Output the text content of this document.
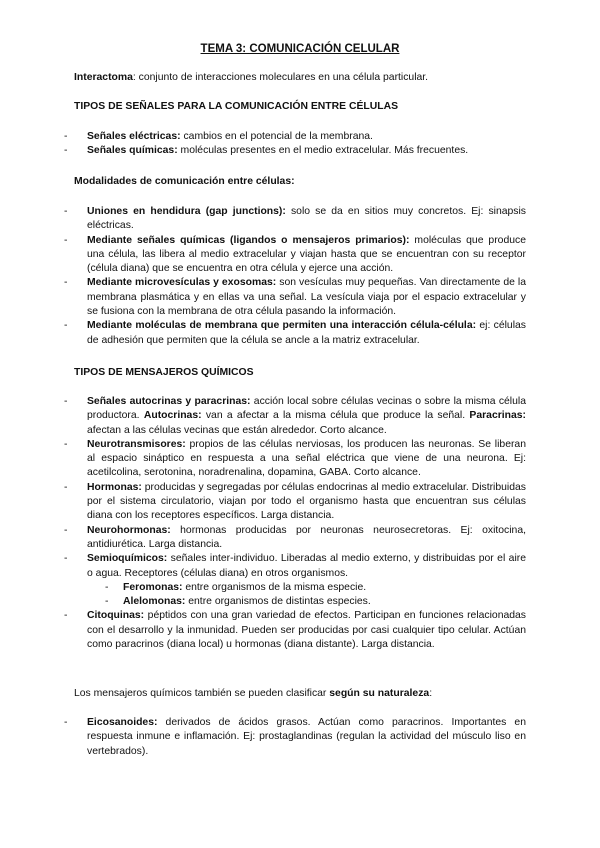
TEMA 3: COMUNICACIÓN CELULAR

Interactoma: conjunto de interacciones moleculares en una célula particular.

TIPOS DE SEÑALES PARA LA COMUNICACIÓN ENTRE CÉLULAS

- Señales eléctricas: cambios en el potencial de la membrana.
- Señales químicas: moléculas presentes en el medio extracelular. Más frecuentes.

Modalidades de comunicación entre células:

- Uniones en hendidura (gap junctions): solo se da en sitios muy concretos. Ej: sinapsis eléctricas.
- Mediante señales químicas (ligandos o mensajeros primarios): moléculas que produce una célula, las libera al medio extracelular y viajan hasta que se encuentran con su receptor (célula diana) que se encuentra en otra célula y ejerce una acción.
- Mediante microvesículas y exosomas: son vesículas muy pequeñas. Van directamente de la membrana plasmática y en ellas va una señal. La vesícula viaja por el espacio extracelular y se fusiona con la membrana de otra célula pasando la información.
- Mediante moléculas de membrana que permiten una interacción célula-célula: ej: células de adhesión que permiten que la célula se ancle a la matriz extracelular.

TIPOS DE MENSAJEROS QUÍMICOS

- Señales autocrinas y paracrinas: acción local sobre células vecinas o sobre la misma célula productora. Autocrinas: van a afectar a la misma célula que produce la señal. Paracrinas: afectan a las células vecinas que están alrededor. Corto alcance.
- Neurotransmisores: propios de las células nerviosas, los producen las neuronas. Se liberan al espacio sináptico en respuesta a una señal eléctrica que viene de una neurona. Ej: acetilcolina, serotonina, noradrenalina, dopamina, GABA. Corto alcance.
- Hormonas: producidas y segregadas por células endocrinas al medio extracelular. Distribuidas por el sistema circulatorio, viajan por todo el organismo hasta que encuentran sus células diana con los receptores específicos. Larga distancia.
- Neurohormonas: hormonas producidas por neuronas neurosecretoras. Ej: oxitocina, antidiurética. Larga distancia.
- Semioquímicos: señales inter-individuo. Liberadas al medio externo, y distribuidas por el aire o agua. Receptores (células diana) en otros organismos.
- Feromonas: entre organismos de la misma especie.
- Alelomonas: entre organismos de distintas especies.
- Citoquinas: péptidos con una gran variedad de efectos. Participan en funciones relacionadas con el desarrollo y la inmunidad. Pueden ser producidas por casi cualquier tipo celular. Actúan como paracrinos (diana local) u hormonas (diana distante). Larga distancia.

Los mensajeros químicos también se pueden clasificar según su naturaleza:

- Eicosanoides: derivados de ácidos grasos. Actúan como paracrinos. Importantes en respuesta inmune e inflamación. Ej: prostaglandinas (regulan la actividad del músculo liso en vertebrados).
